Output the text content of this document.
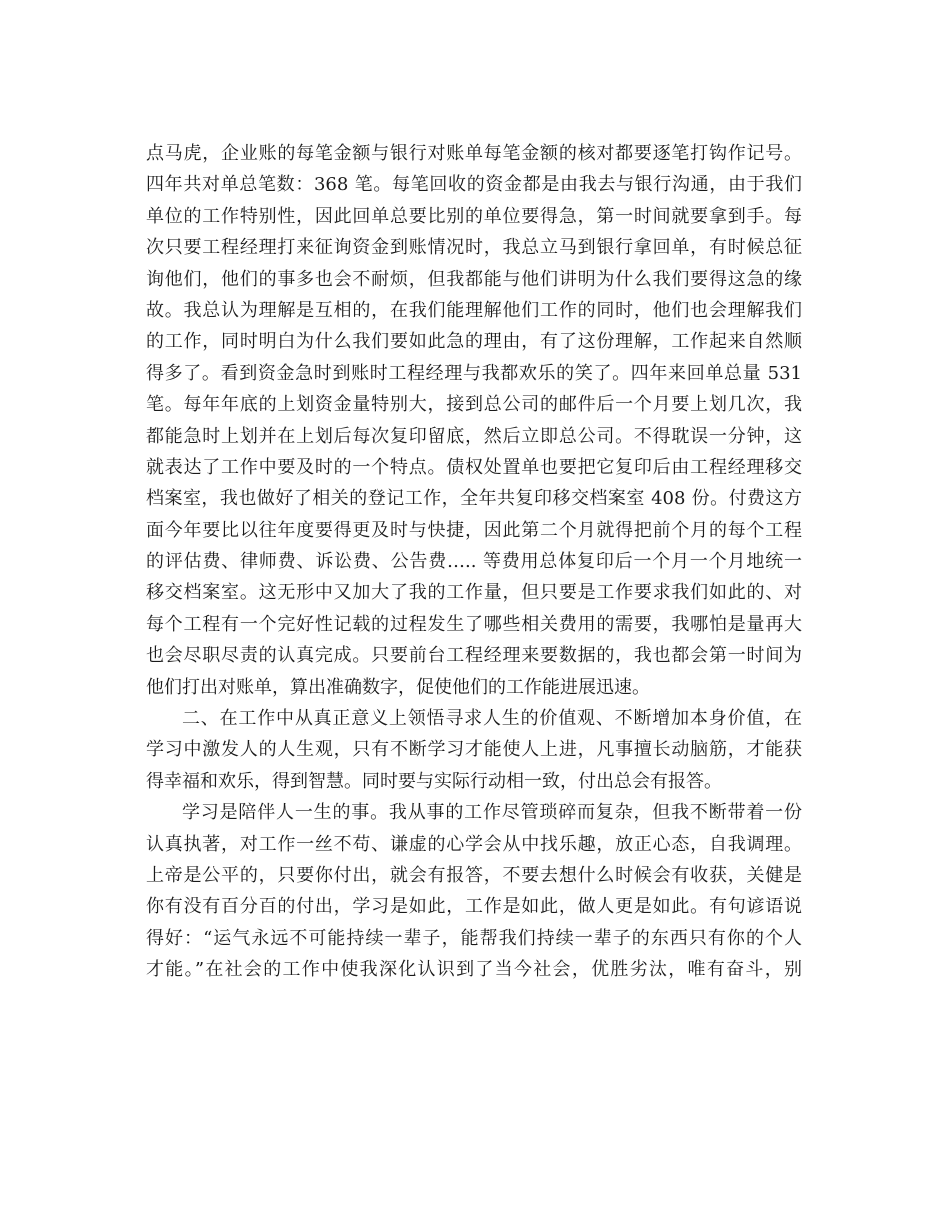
点马虎，企业账的每笔金额与银行对账单每笔金额的核对都要逐笔打钩作记号。
四年共对单总笔数：368 笔。每笔回收的资金都是由我去与银行沟通，由于我们
单位的工作特别性，因此回单总要比别的单位要得急，第一时间就要拿到手。每
次只要工程经理打来征询资金到账情况时，我总立马到银行拿回单，有时候总征
询他们，他们的事多也会不耐烦，但我都能与他们讲明为什么我们要得这急的缘
故。我总认为理解是互相的，在我们能理解他们工作的同时，他们也会理解我们
的工作，同时明白为什么我们要如此急的理由，有了这份理解，工作起来自然顺
得多了。看到资金急时到账时工程经理与我都欢乐的笑了。四年来回单总量 531
笔。每年年底的上划资金量特别大，接到总公司的邮件后一个月要上划几次，我
都能急时上划并在上划后每次复印留底，然后立即总公司。不得耽误一分钟，这
就表达了工作中要及时的一个特点。债权处置单也要把它复印后由工程经理移交
档案室，我也做好了相关的登记工作，全年共复印移交档案室 408 份。付费这方
面今年要比以往年度要得更及时与快捷，因此第二个月就得把前个月的每个工程
的评估费、律师费、诉讼费、公告费….. 等费用总体复印后一个月一个月地统一
移交档案室。这无形中又加大了我的工作量，但只要是工作要求我们如此的、对
每个工程有一个完好性记载的过程发生了哪些相关费用的需要，我哪怕是量再大
也会尽职尽责的认真完成。只要前台工程经理来要数据的，我也都会第一时间为
他们打出对账单，算出准确数字，促使他们的工作能进展迅速。
二、在工作中从真正意义上领悟寻求人生的价值观、不断增加本身价值，在
学习中激发人的人生观，只有不断学习才能使人上进，凡事擅长动脑筋，才能获
得幸福和欢乐，得到智慧。同时要与实际行动相一致，付出总会有报答。
学习是陪伴人一生的事。我从事的工作尽管琐碎而复杂，但我不断带着一份
认真执著，对工作一丝不苟、谦虚的心学会从中找乐趣，放正心态，自我调理。
上帝是公平的，只要你付出，就会有报答，不要去想什么时候会有收获，关健是
你有没有百分百的付出，学习是如此，工作是如此，做人更是如此。有句谚语说
得好：“运气永远不可能持续一辈子，能帮我们持续一辈子的东西只有你的个人
才能。”在社会的工作中使我深化认识到了当今社会，优胜劣汰，唯有奋斗，别
